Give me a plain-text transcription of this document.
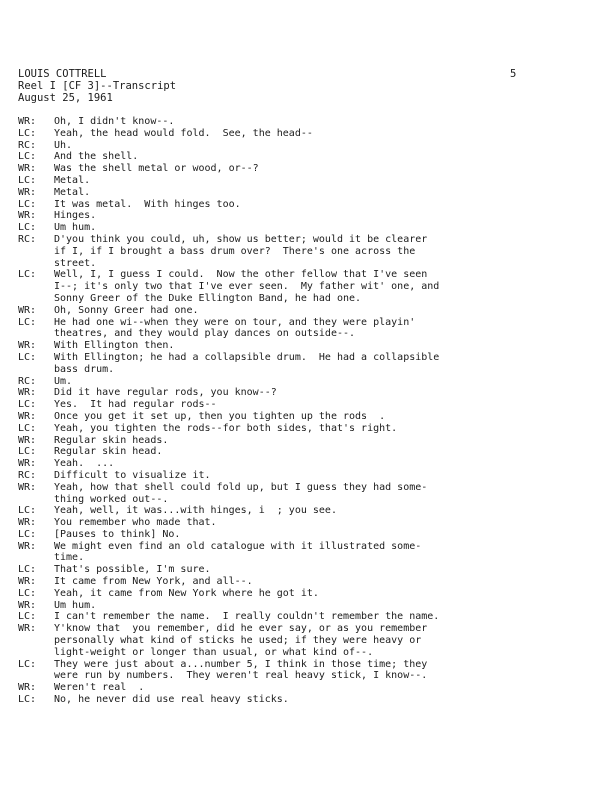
LOUIS COTTRELL
Reel I [CF 3]--Transcript
August 25, 1961
5
WR:	Oh, I didn't know--.
LC:	Yeah, the head would fold.  See, the head--
RC:	Uh.
LC:	And the shell.
WR:	Was the shell metal or wood, or--?
LC:	Metal.
WR:	Metal.
LC:	It was metal.  With hinges too.
WR:	Hinges.
LC:	Um hum.
RC:	D'you think you could, uh, show us better; would it be clearer
if I, if I brought a bass drum over?  There's one across the
street.
LC:	Well, I, I guess I could.  Now the other fellow that I've seen
I--; it's only two that I've ever seen.  My father wit' one, and
Sonny Greer of the Duke Ellington Band, he had one.
WR:	Oh, Sonny Greer had one.
LC:	He had one wi--when they were on tour, and they were playin'
theatres, and they would play dances on outside--.
WR:	With Ellington then.
LC:	With Ellington; he had a collapsible drum.  He had a collapsible
bass drum.
RC:	Um.
WR:	Did it have regular rods, you know--?
LC:	Yes.  It had regular rods--
WR:	Once you get it set up, then you tighten up the rods  .
LC:	Yeah, you tighten the rods--for both sides, that's right.
WR:	Regular skin heads.
LC:	Regular skin head.
WR:	Yeah.  ...
RC:	Difficult to visualize it.
WR:	Yeah, how that shell could fold up, but I guess they had some-
thing worked out--.
LC:	Yeah, well, it was...with hinges, i  ; you see.
WR:	You remember who made that.
LC:	[Pauses to think] No.
WR:	We might even find an old catalogue with it illustrated some-
time.
LC:	That's possible, I'm sure.
WR:	It came from New York, and all--.
LC:	Yeah, it came from New York where he got it.
WR:	Um hum.
LC:	I can't remember the name.  I really couldn't remember the name.
WR:	Y'know that  you remember, did he ever say, or as you remember
personally what kind of sticks he used; if they were heavy or
light-weight or longer than usual, or what kind of--.
LC:	They were just about a...number 5, I think in those time; they
were run by numbers.  They weren't real heavy stick, I know--.
WR:	Weren't real  .
LC:	No, he never did use real heavy sticks.
